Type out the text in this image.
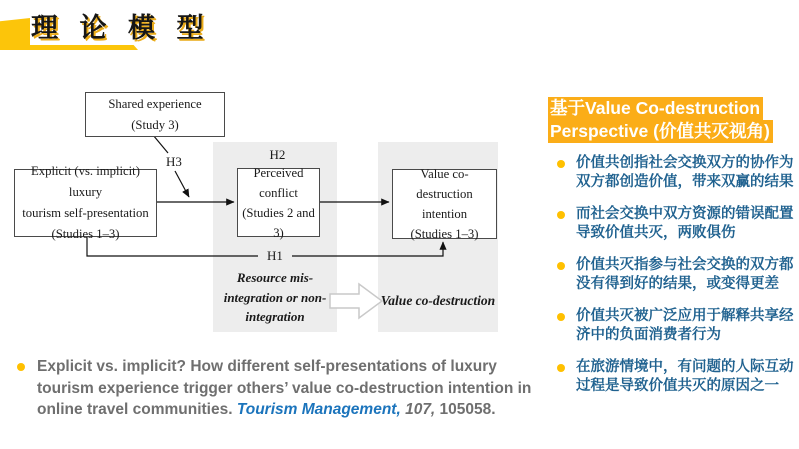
理 论 模 型
Shared experience
(Study 3)
Explicit (vs. implicit) luxury
tourism self-presentation
(Studies 1–3)
Perceived
conflict
(Studies 2 and 3)
Value co-destruction
intention
(Studies 1–3)
H2
H3
H1
Resource mis-
integration or non-
integration
Value co-destruction
基于Value Co-destruction
Perspective (价值共灭视角)
价值共创指社会交换双方的协作为双方都创造价值，带来双赢的结果
而社会交换中双方资源的错误配置导致价值共灭，两败俱伤
价值共灭指参与社会交换的双方都没有得到好的结果，或变得更差
价值共灭被广泛应用于解释共享经济中的负面消费者行为
在旅游情境中，有问题的人际互动过程是导致价值共灭的原因之一
Explicit vs. implicit? How different self-presentations of luxury tourism experience trigger others’ value co-destruction intention in online travel communities. Tourism Management, 107, 105058.
